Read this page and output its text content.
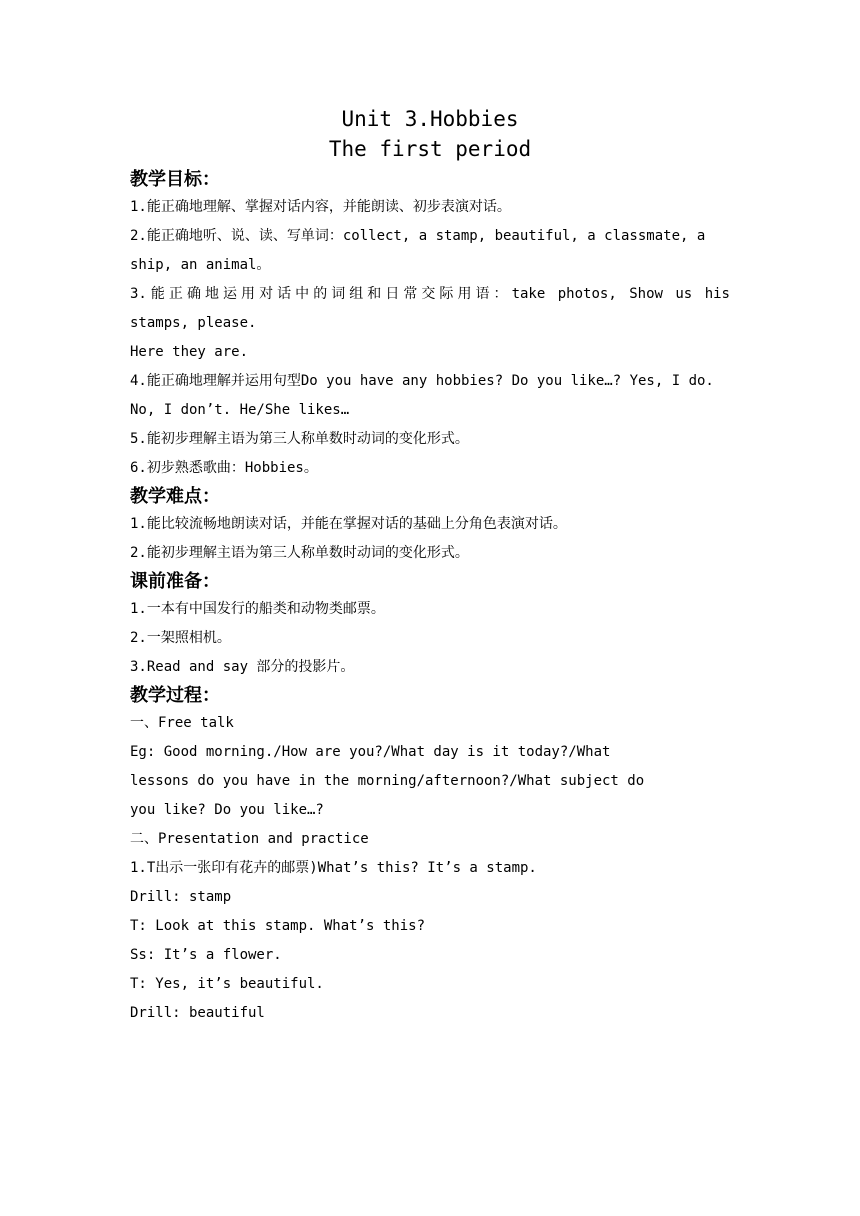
Unit 3.Hobbies
The first period
教学目标：
1.能正确地理解、掌握对话内容，并能朗读、初步表演对话。
2.能正确地听、说、读、写单词：collect, a stamp, beautiful, a classmate, a
ship, an animal。
3.能正确地运用对话中的词组和日常交际用语：take photos, Show us his
stamps, please.
Here they are.
4.能正确地理解并运用句型Do you have any hobbies? Do you like…? Yes, I do.
No, I don’t. He/She likes…
5.能初步理解主语为第三人称单数时动词的变化形式。
6.初步熟悉歌曲：Hobbies。
教学难点：
1.能比较流畅地朗读对话，并能在掌握对话的基础上分角色表演对话。
2.能初步理解主语为第三人称单数时动词的变化形式。
课前准备：
1.一本有中国发行的船类和动物类邮票。
2.一架照相机。
3.Read and say 部分的投影片。
教学过程：
一、Free talk
Eg: Good morning./How are you?/What day is it today?/What
lessons do you have in the morning/afternoon?/What subject do
you like? Do you like…?
二、Presentation and practice
1.T出示一张印有花卉的邮票)What’s this? It’s a stamp.
Drill: stamp
T: Look at this stamp. What’s this?
Ss: It’s a flower.
T: Yes, it’s beautiful.
Drill: beautiful
